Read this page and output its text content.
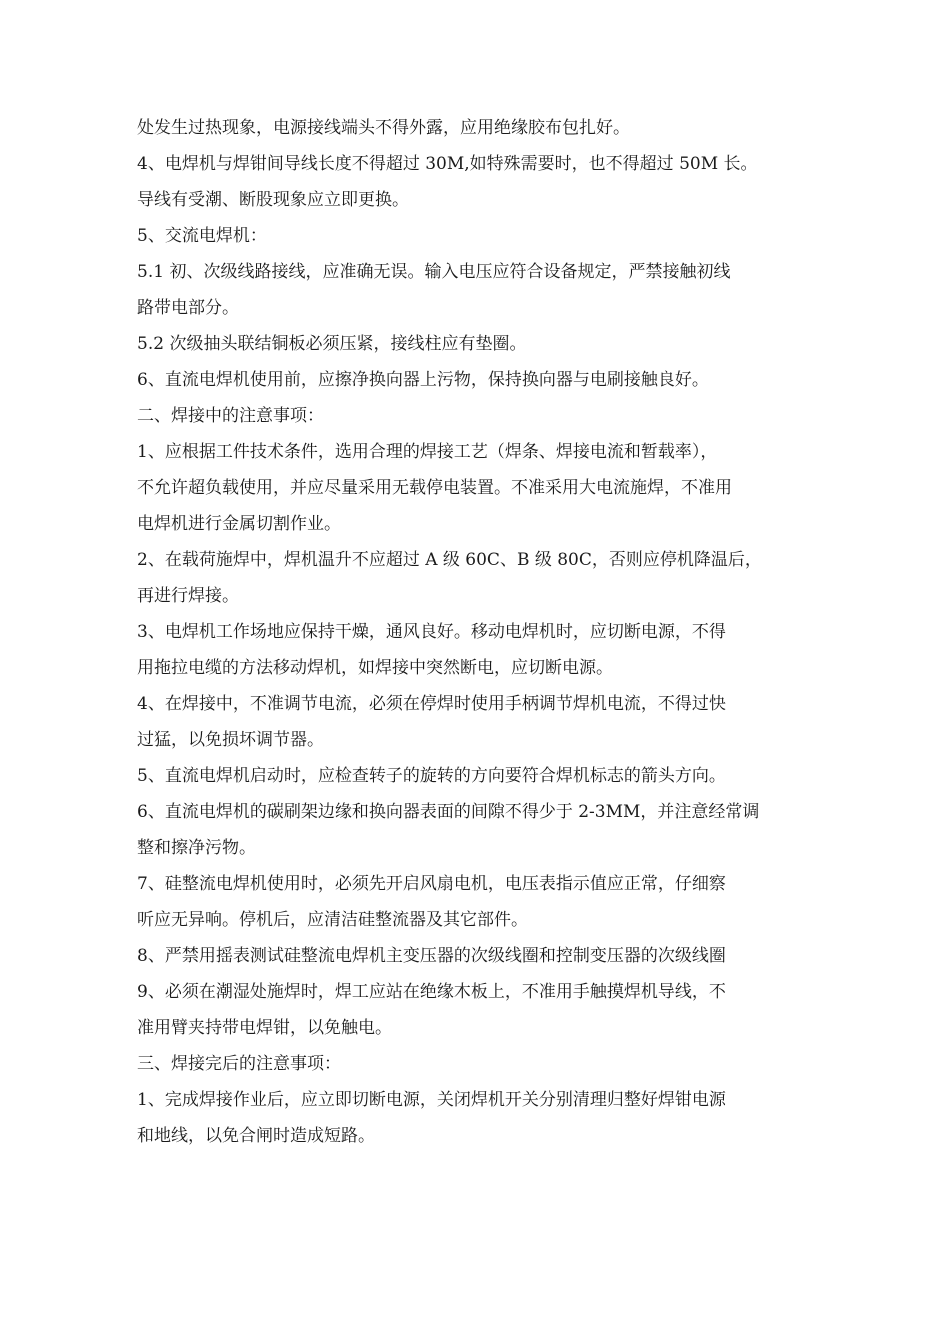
处发生过热现象，电源接线端头不得外露，应用绝缘胶布包扎好。
4、电焊机与焊钳间导线长度不得超过 30M,如特殊需要时，也不得超过 50M 长。
导线有受潮、断股现象应立即更换。
5、交流电焊机：
5.1 初、次级线路接线，应准确无误。输入电压应符合设备规定，严禁接触初线
路带电部分。
5.2 次级抽头联结铜板必须压紧，接线柱应有垫圈。
6、直流电焊机使用前，应擦净换向器上污物，保持换向器与电刷接触良好。
二、焊接中的注意事项：
1、应根据工件技术条件，选用合理的焊接工艺（焊条、焊接电流和暂载率），
不允许超负载使用，并应尽量采用无载停电装置。不准采用大电流施焊，不准用
电焊机进行金属切割作业。
2、在载荷施焊中，焊机温升不应超过 A 级 60C、B 级 80C，否则应停机降温后，
再进行焊接。
3、电焊机工作场地应保持干燥，通风良好。移动电焊机时，应切断电源，不得
用拖拉电缆的方法移动焊机，如焊接中突然断电，应切断电源。
4、在焊接中，不准调节电流，必须在停焊时使用手柄调节焊机电流，不得过快
过猛，以免损坏调节器。
5、直流电焊机启动时，应检查转子的旋转的方向要符合焊机标志的箭头方向。
6、直流电焊机的碳刷架边缘和换向器表面的间隙不得少于 2-3MM，并注意经常调
整和擦净污物。
7、硅整流电焊机使用时，必须先开启风扇电机，电压表指示值应正常，仔细察
听应无异响。停机后，应清洁硅整流器及其它部件。
8、严禁用摇表测试硅整流电焊机主变压器的次级线圈和控制变压器的次级线圈
9、必须在潮湿处施焊时，焊工应站在绝缘木板上，不准用手触摸焊机导线，不
准用臂夹持带电焊钳，以免触电。
三、焊接完后的注意事项：
1、完成焊接作业后，应立即切断电源，关闭焊机开关分别清理归整好焊钳电源
和地线，以免合闸时造成短路。
